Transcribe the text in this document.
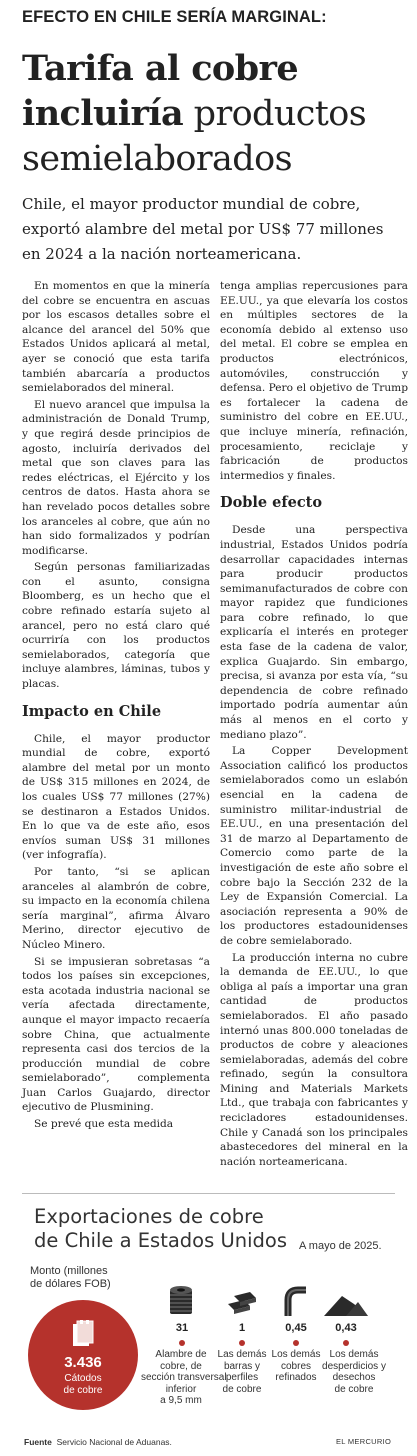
EFECTO EN CHILE SERÍA MARGINAL:
Tarifa al cobre
incluiría productos
semielaborados
Chile, el mayor productor mundial de cobre,
exportó alambre del metal por US$ 77 millones
en 2024 a la nación norteamericana.

En momentos en que la minería del cobre se encuentra en ascuas por los escasos detalles sobre el alcance del arancel del 50% que Estados Unidos aplicará al metal, ayer se conoció que esta tarifa también abarcaría a productos semielaborados del mineral.

El nuevo arancel que impulsa la administración de Donald Trump, y que regirá desde principios de agosto, incluiría derivados del metal que son claves para las redes eléctricas, el Ejército y los centros de datos. Hasta ahora se han revelado pocos detalles sobre los aranceles al cobre, que aún no han sido formalizados y podrían modificarse.

Según personas familiarizadas con el asunto, consigna Bloomberg, es un hecho que el cobre refinado estaría sujeto al arancel, pero no está claro qué ocurriría con los productos semielaborados, categoría que incluye alambres, láminas, tubos y placas.

Impacto en Chile

Chile, el mayor productor mundial de cobre, exportó alambre del metal por un monto de US$ 315 millones en 2024, de los cuales US$ 77 millones (27%) se destinaron a Estados Unidos. En lo que va de este año, esos envíos suman US$ 31 millones (ver infografía).

Por tanto, “si se aplican aranceles al alambrón de cobre, su impacto en la economía chilena sería marginal”, afirma Álvaro Merino, director ejecutivo de Núcleo Minero.

Si se impusieran sobretasas “a todos los países sin excepciones, esta acotada industria nacional se vería afectada directamente, aunque el mayor impacto recaería sobre China, que actualmente representa casi dos tercios de la producción mundial de cobre semielaborado”, complementa Juan Carlos Guajardo, director ejecutivo de Plusmining.

Se prevé que esta medida

tenga amplias repercusiones para EE.UU., ya que elevaría los costos en múltiples sectores de la economía debido al extenso uso del metal. El cobre se emplea en productos electrónicos, automóviles, construcción y defensa. Pero el objetivo de Trump es fortalecer la cadena de suministro del cobre en EE.UU., que incluye minería, refinación, procesamiento, reciclaje y fabricación de productos intermedios y finales.

Doble efecto

Desde una perspectiva industrial, Estados Unidos podría desarrollar capacidades internas para producir productos semimanufacturados de cobre con mayor rapidez que fundiciones para cobre refinado, lo que explicaría el interés en proteger esta fase de la cadena de valor, explica Guajardo. Sin embargo, precisa, si avanza por esta vía, “su dependencia de cobre refinado importado podría aumentar aún más al menos en el corto y mediano plazo”.

La Copper Development Association calificó los productos semielaborados como un eslabón esencial en la cadena de suministro militar-industrial de EE.UU., en una presentación del 31 de marzo al Departamento de Comercio como parte de la investigación de este año sobre el cobre bajo la Sección 232 de la Ley de Expansión Comercial. La asociación representa a 90% de los productores estadounidenses de cobre semielaborado.

La producción interna no cubre la demanda de EE.UU., lo que obliga al país a importar una gran cantidad de productos semielaborados. El año pasado internó unas 800.000 toneladas de productos de cobre y aleaciones semielaboradas, además del cobre refinado, según la consultora Mining and Materials Markets Ltd., que trabaja con fabricantes y recicladores estadounidenses. Chile y Canadá son los principales abastecedores del mineral en la nación norteamericana.

Exportaciones de cobre
de Chile a Estados Unidos	A mayo de 2025.
Monto (millones
de dólares FOB)
3.436
Cátodos
de cobre
31
Alambre de
cobre, de
sección transversal
inferior
a 9,5 mm
1
Las demás
barras y
perfiles
de cobre
0,45
Los demás
cobres
refinados
0,43
Los demás
desperdicios y
desechos
de cobre
Fuente Servicio Nacional de Aduanas.	EL MERCURIO
